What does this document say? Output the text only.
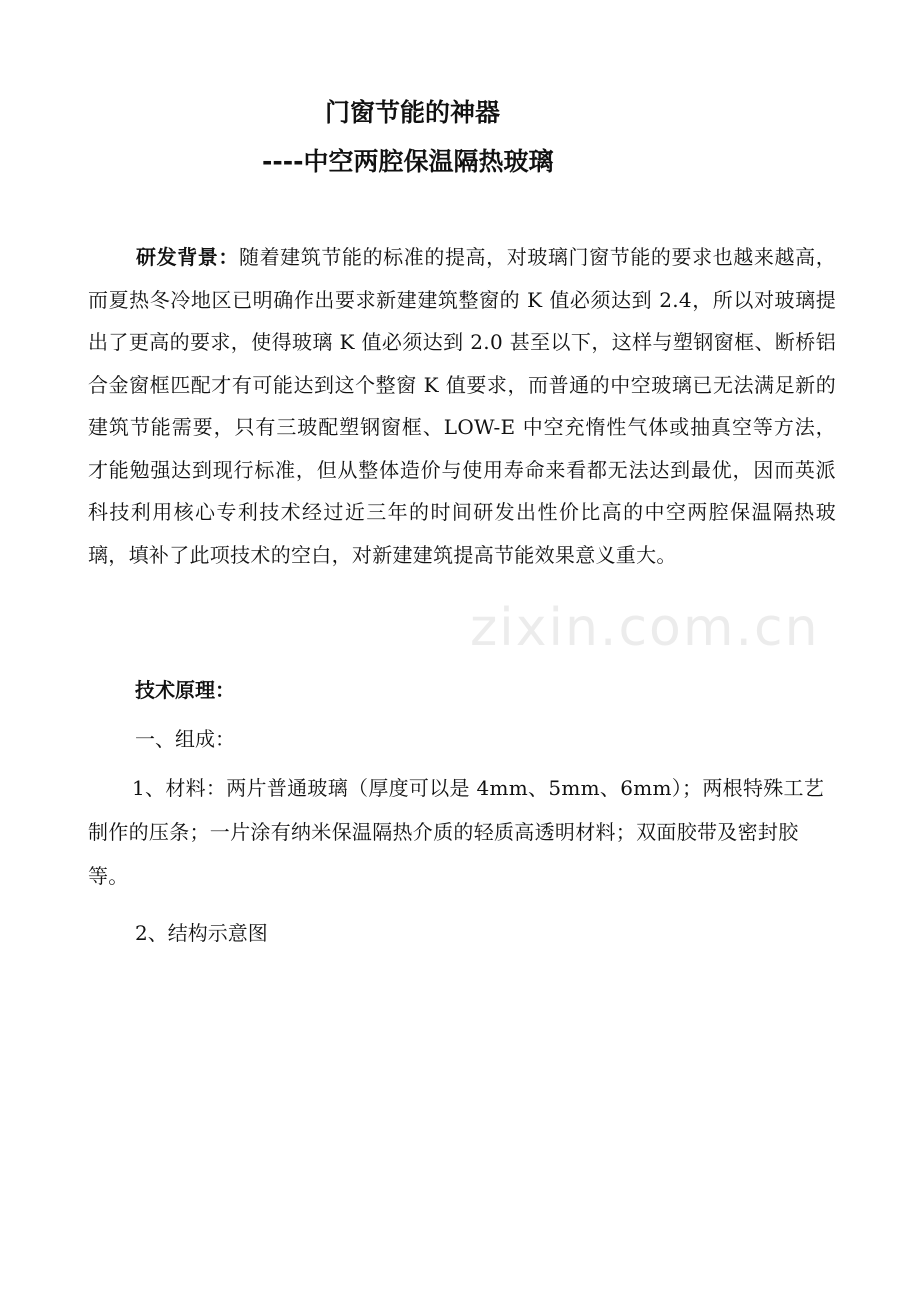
门窗节能的神器
----中空两腔保温隔热玻璃

研发背景：随着建筑节能的标准的提高，对玻璃门窗节能的要求也越来越高，而夏热冬冷地区已明确作出要求新建建筑整窗的 K 值必须达到 2.4，所以对玻璃提出了更高的要求，使得玻璃 K 值必须达到 2.0 甚至以下，这样与塑钢窗框、断桥铝合金窗框匹配才有可能达到这个整窗 K 值要求，而普通的中空玻璃已无法满足新的建筑节能需要，只有三玻配塑钢窗框、LOW-E 中空充惰性气体或抽真空等方法，才能勉强达到现行标准，但从整体造价与使用寿命来看都无法达到最优，因而英派科技利用核心专利技术经过近三年的时间研发出性价比高的中空两腔保温隔热玻璃，填补了此项技术的空白，对新建建筑提高节能效果意义重大。

技术原理：
一、组成：

1、材料：两片普通玻璃（厚度可以是 4mm、5mm、6mm）；两根特殊工艺制作的压条；一片涂有纳米保温隔热介质的轻质高透明材料；双面胶带及密封胶等。

2、结构示意图
zixin.com.cn
